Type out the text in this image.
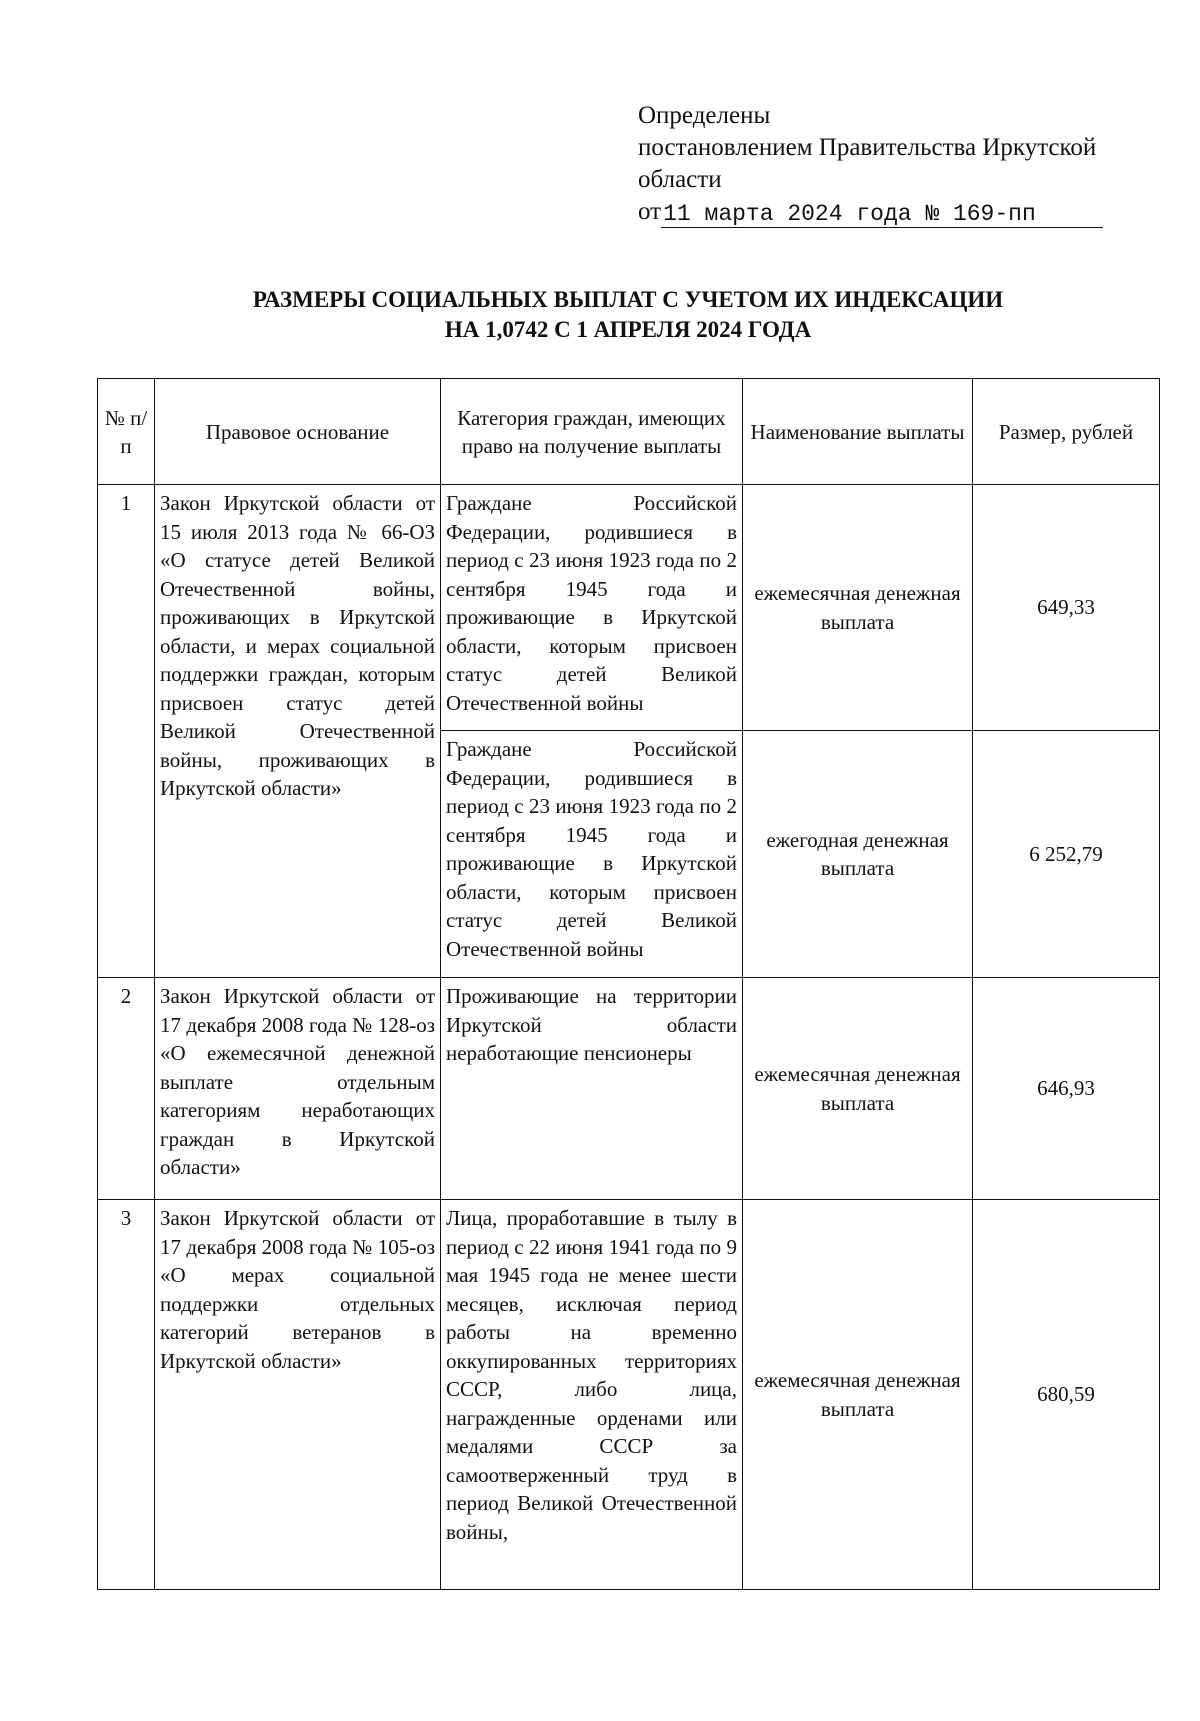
Определены
постановлением Правительства Иркутской
области
от 11 марта 2024 года № 169-пп
РАЗМЕРЫ СОЦИАЛЬНЫХ ВЫПЛАТ С УЧЕТОМ ИХ ИНДЕКСАЦИИ
НА 1,0742 С 1 АПРЕЛЯ 2024 ГОДА
№ п/п	Правовое основание	Категория граждан, имеющих право на получение выплаты	Наименование выплаты	Размер, рублей
1	Закон Иркутской области от 15 июля 2013 года № 66-ОЗ «О статусе детей Великой Отечественной войны, проживающих в Иркутской области, и мерах социальной поддержки граждан, которым присвоен статус детей Великой Отечественной войны, проживающих в Иркутской области»	Граждане Российской Федерации, родившиеся в период с 23 июня 1923 года по 2 сентября 1945 года и проживающие в Иркутской области, которым присвоен статус детей Великой Отечественной войны	ежемесячная денежная выплата	649,33
		Граждане Российской Федерации, родившиеся в период с 23 июня 1923 года по 2 сентября 1945 года и проживающие в Иркутской области, которым присвоен статус детей Великой Отечественной войны	ежегодная денежная выплата	6 252,79
2	Закон Иркутской области от 17 декабря 2008 года № 128-оз «О ежемесячной денежной выплате отдельным категориям неработающих граждан в Иркутской области»	Проживающие на территории Иркутской области неработающие пенсионеры	ежемесячная денежная выплата	646,93
3	Закон Иркутской области от 17 декабря 2008 года № 105-оз «О мерах социальной поддержки отдельных категорий ветеранов в Иркутской области»	Лица, проработавшие в тылу в период с 22 июня 1941 года по 9 мая 1945 года не менее шести месяцев, исключая период работы на временно оккупированных территориях СССР, либо лица, награжденные орденами или медалями СССР за самоотверженный труд в период Великой Отечественной войны,	ежемесячная денежная выплата	680,59
